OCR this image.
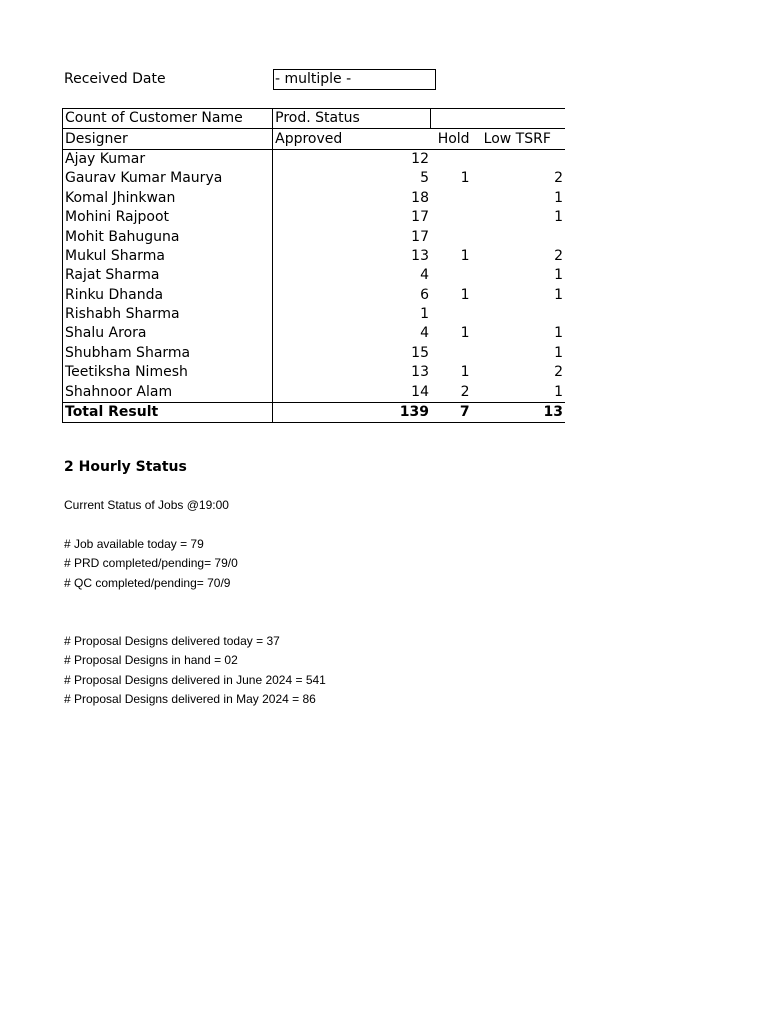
Received Date	- multiple -
Count of Customer Name	Prod. Status		
Designer	Approved	Hold	Low TSRF
Ajay Kumar	12		
Gaurav Kumar Maurya	5	1	2
Komal Jhinkwan	18		1
Mohini Rajpoot	17		1
Mohit Bahuguna	17		
Mukul Sharma	13	1	2
Rajat Sharma	4		1
Rinku Dhanda	6	1	1
Rishabh Sharma	1		
Shalu Arora	4	1	1
Shubham Sharma	15		1
Teetiksha Nimesh	13	1	2
Shahnoor Alam	14	2	1
Total Result	139	7	13
2 Hourly Status
Current Status of Jobs @19:00
# Job available today = 79
# PRD completed/pending= 79/0
# QC completed/pending= 70/9
# Proposal Designs delivered today = 37
# Proposal Designs in hand = 02
# Proposal Designs delivered in June 2024 = 541
# Proposal Designs delivered in May 2024 = 86
